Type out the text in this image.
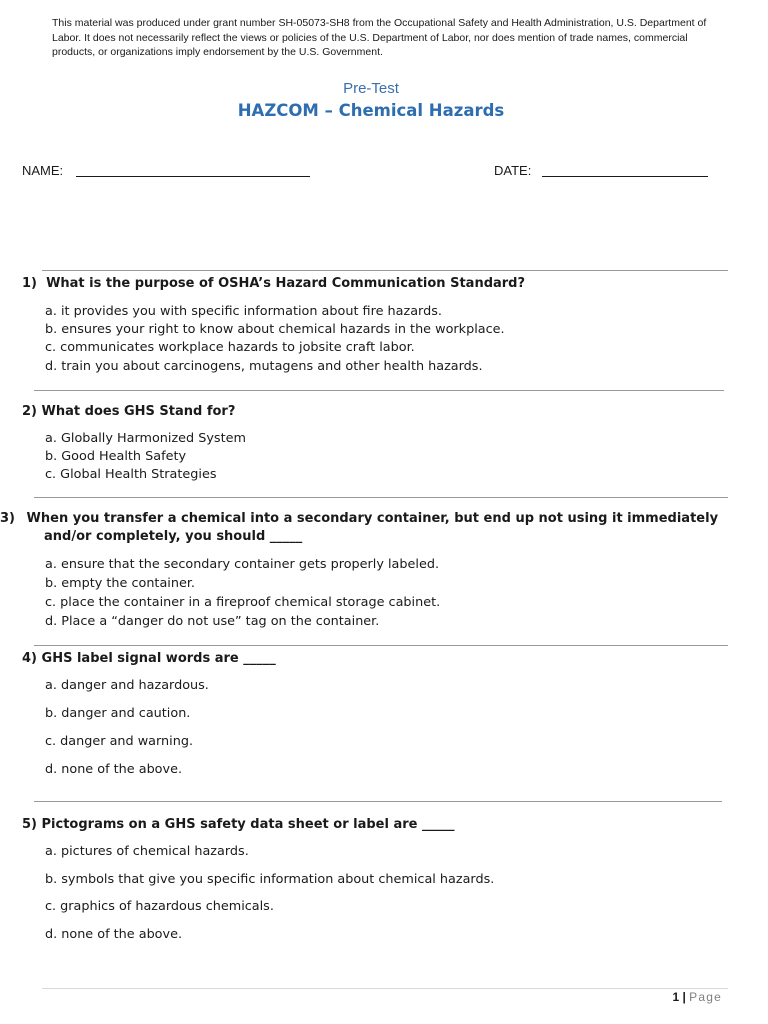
This material was produced under grant number SH-05073-SH8 from the Occupational Safety and Health Administration, U.S. Department of Labor. It does not necessarily reflect the views or policies of the U.S. Department of Labor, nor does mention of trade names, commercial products, or organizations imply endorsement by the U.S. Government.
Pre-Test
HAZCOM – Chemical Hazards
NAME:	DATE:
1) What is the purpose of OSHA’s Hazard Communication Standard?
a. it provides you with specific information about fire hazards.
b. ensures your right to know about chemical hazards in the workplace.
c. communicates workplace hazards to jobsite craft labor.
d. train you about carcinogens, mutagens and other health hazards.
2) What does GHS Stand for?
a. Globally Harmonized System
b. Good Health Safety
c. Global Health Strategies
3) When you transfer a chemical into a secondary container, but end up not using it immediately and/or completely, you should _____
a. ensure that the secondary container gets properly labeled.
b. empty the container.
c. place the container in a fireproof chemical storage cabinet.
d. Place a “danger do not use” tag on the container.
4) GHS label signal words are _____
a. danger and hazardous.
b. danger and caution.
c. danger and warning.
d. none of the above.
5) Pictograms on a GHS safety data sheet or label are _____
a. pictures of chemical hazards.
b. symbols that give you specific information about chemical hazards.
c. graphics of hazardous chemicals.
d. none of the above.
1 | Page
